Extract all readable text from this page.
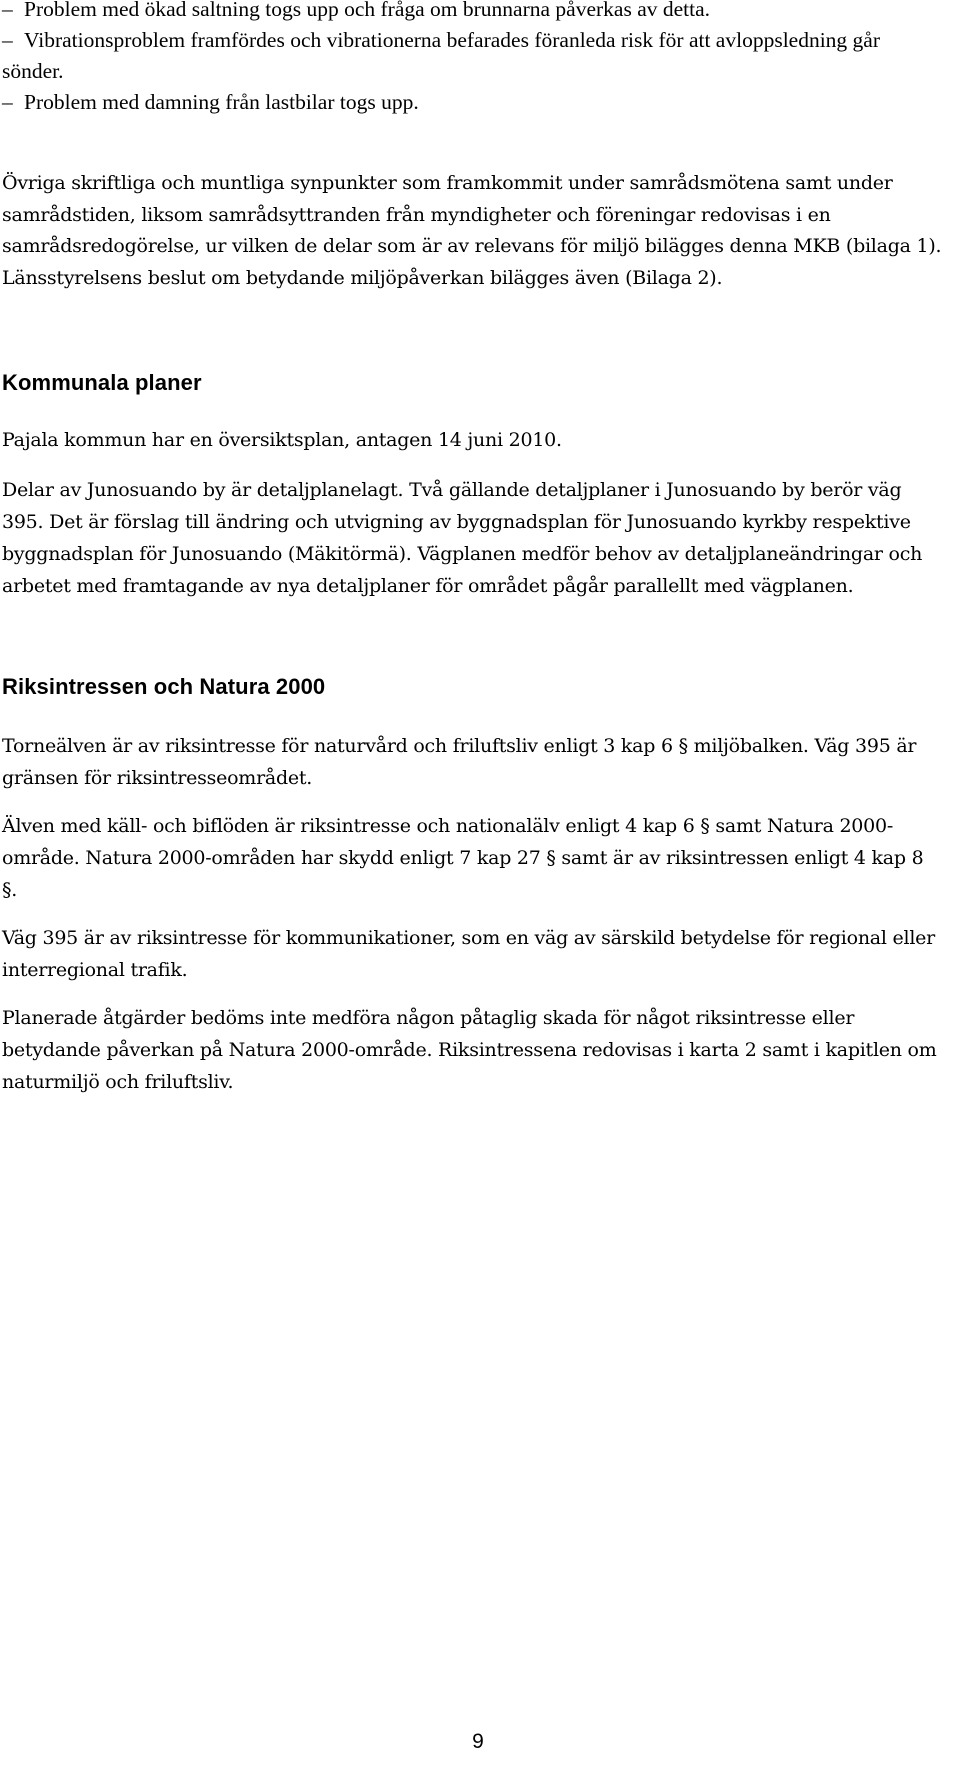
– Problem med ökad saltning togs upp och fråga om brunnarna påverkas av detta.
– Vibrationsproblem framfördes och vibrationerna befarades föranleda risk för att avloppsledning går sönder.
– Problem med damning från lastbilar togs upp.

Övriga skriftliga och muntliga synpunkter som framkommit under samrådsmötena samt under samrådstiden, liksom samrådsyttranden från myndigheter och föreningar redovisas i en samrådsredogörelse, ur vilken de delar som är av relevans för miljö bilägges denna MKB (bilaga 1). Länsstyrelsens beslut om betydande miljöpåverkan bilägges även (Bilaga 2).

Kommunala planer

Pajala kommun har en översiktsplan, antagen 14 juni 2010.

Delar av Junosuando by är detaljplanelagt. Två gällande detaljplaner i Junosuando by berör väg 395. Det är förslag till ändring och utvigning av byggnadsplan för Junosuando kyrkby respektive byggnadsplan för Junosuando (Mäkitörmä). Vägplanen medför behov av detaljplaneändringar och arbetet med framtagande av nya detaljplaner för området pågår parallellt med vägplanen.

Riksintressen och Natura 2000

Torneälven är av riksintresse för naturvård och friluftsliv enligt 3 kap 6 § miljöbalken. Väg 395 är gränsen för riksintresseområdet.

Älven med käll- och biflöden är riksintresse och nationalälv enligt 4 kap 6 § samt Natura 2000-område. Natura 2000-områden har skydd enligt 7 kap 27 § samt är av riksintressen enligt 4 kap 8 §.

Väg 395 är av riksintresse för kommunikationer, som en väg av särskild betydelse för regional eller interregional trafik.

Planerade åtgärder bedöms inte medföra någon påtaglig skada för något riksintresse eller betydande påverkan på Natura 2000-område. Riksintressena redovisas i karta 2 samt i kapitlen om naturmiljö och friluftsliv.

9
